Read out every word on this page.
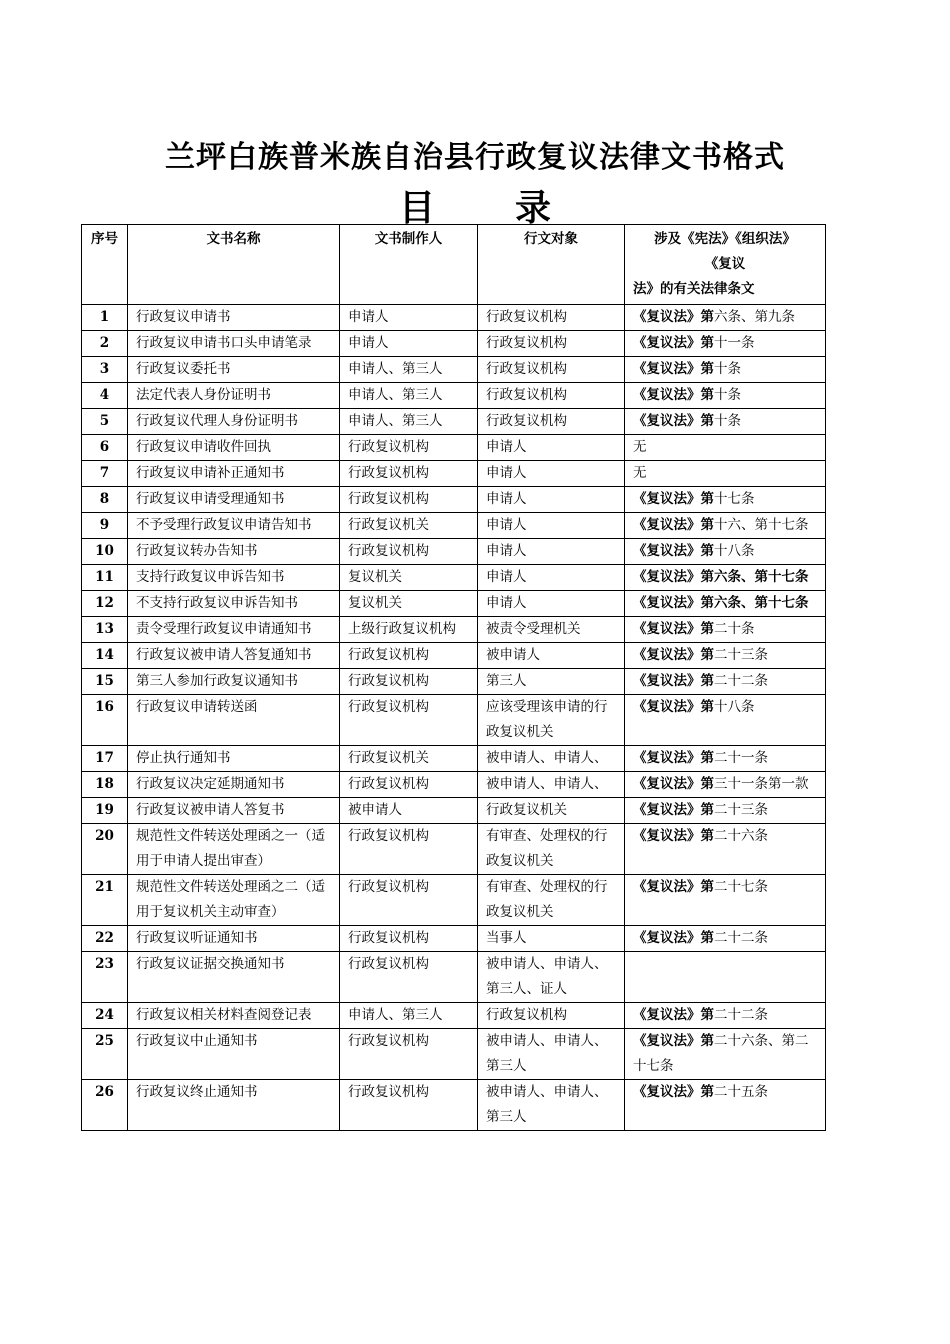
兰坪白族普米族自治县行政复议法律文书格式
目录
序号	文书名称	文书制作人	行文对象	涉及《宪法》《组织法》
《复议
法》的有关法律条文

1	行政复议申请书	申请人	行政复议机构	《复议法》第六条、第九条
2	行政复议申请书口头申请笔录	申请人	行政复议机构	《复议法》第十一条
3	行政复议委托书	申请人、第三人	行政复议机构	《复议法》第十条
4	法定代表人身份证明书	申请人、第三人	行政复议机构	《复议法》第十条
5	行政复议代理人身份证明书	申请人、第三人	行政复议机构	《复议法》第十条
6	行政复议申请收件回执	行政复议机构	申请人	无
7	行政复议申请补正通知书	行政复议机构	申请人	无
8	行政复议申请受理通知书	行政复议机构	申请人	《复议法》第十七条
9	不予受理行政复议申请告知书	行政复议机关	申请人	《复议法》第十六、第十七条
10	行政复议转办告知书	行政复议机构	申请人	《复议法》第十八条
11	支持行政复议申诉告知书	复议机关	申请人	《复议法》第六条、第十七条
12	不支持行政复议申诉告知书	复议机关	申请人	《复议法》第六条、第十七条
13	责令受理行政复议申请通知书	上级行政复议机构	被责令受理机关	《复议法》第二十条
14	行政复议被申请人答复通知书	行政复议机构	被申请人	《复议法》第二十三条
15	第三人参加行政复议通知书	行政复议机构	第三人	《复议法》第二十二条
16	行政复议申请转送函	行政复议机构	应该受理该申请的行政复议机关	《复议法》第十八条
17	停止执行通知书	行政复议机关	被申请人、申请人、	《复议法》第二十一条
18	行政复议决定延期通知书	行政复议机构	被申请人、申请人、	《复议法》第三十一条第一款
19	行政复议被申请人答复书	被申请人	行政复议机关	《复议法》第二十三条
20	规范性文件转送处理函之一（适用于申请人提出审查）	行政复议机构	有审查、处理权的行政复议机关	《复议法》第二十六条
21	规范性文件转送处理函之二（适用于复议机关主动审查）	行政复议机构	有审查、处理权的行政复议机关	《复议法》第二十七条
22	行政复议听证通知书	行政复议机构	当事人	《复议法》第二十二条
23	行政复议证据交换通知书	行政复议机构	被申请人、申请人、第三人、证人	
24	行政复议相关材料查阅登记表	申请人、第三人	行政复议机构	《复议法》第二十二条
25	行政复议中止通知书	行政复议机构	被申请人、申请人、第三人	《复议法》第二十六条、第二十七条
26	行政复议终止通知书	行政复议机构	被申请人、申请人、第三人	《复议法》第二十五条
